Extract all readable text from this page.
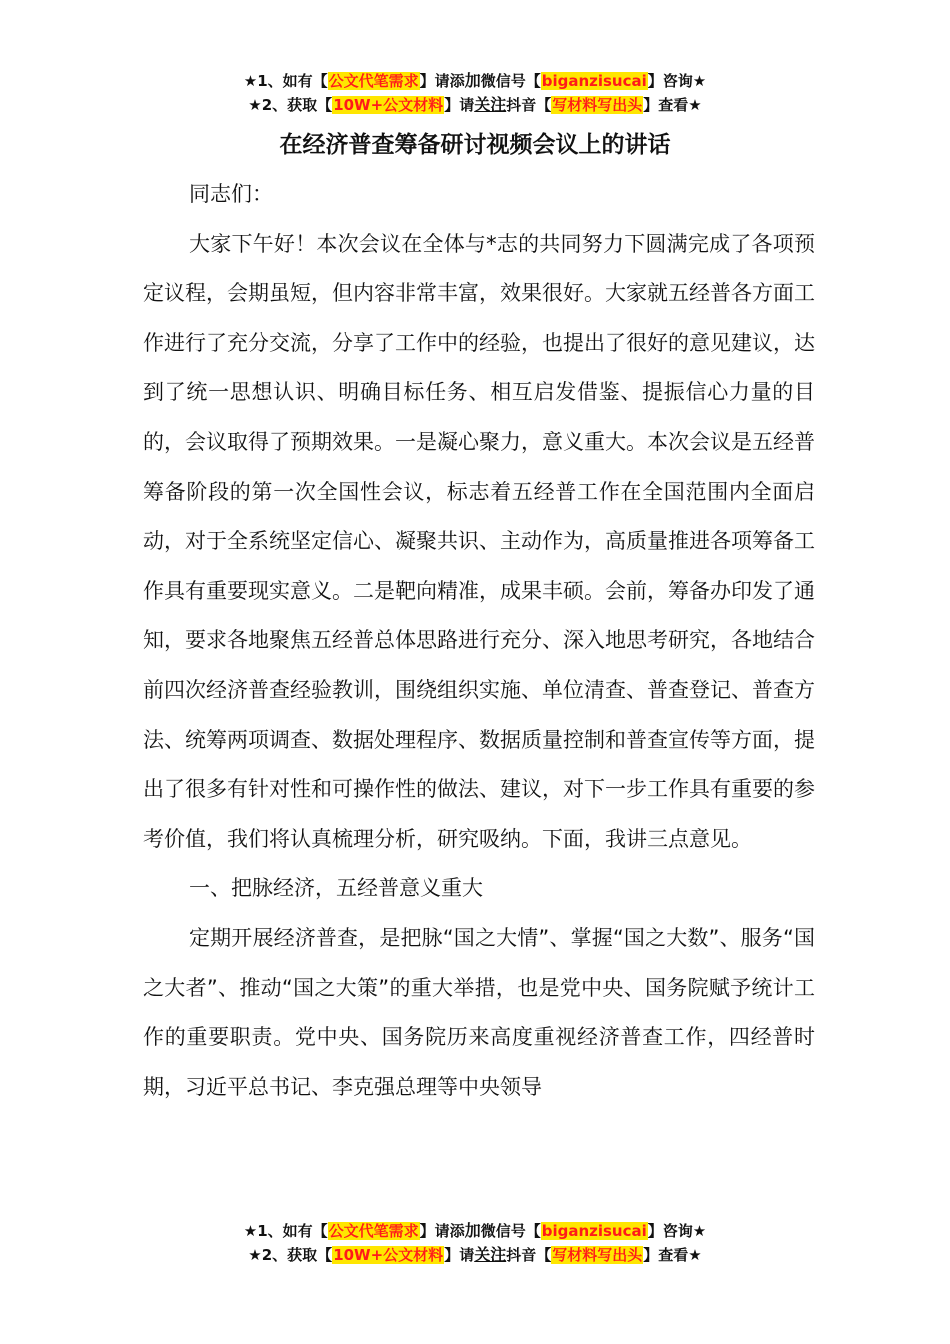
★1、如有【公文代笔需求】请添加微信号【biganzisucai】咨询★
★2、获取【10W+公文材料】请关注抖音【写材料写出头】查看★
在经济普查筹备研讨视频会议上的讲话

同志们：

大家下午好！本次会议在全体与*志的共同努力下圆满完成了各项预定议程，会期虽短，但内容非常丰富，效果很好。大家就五经普各方面工作进行了充分交流，分享了工作中的经验，也提出了很好的意见建议，达到了统一思想认识、明确目标任务、相互启发借鉴、提振信心力量的目的，会议取得了预期效果。一是凝心聚力，意义重大。本次会议是五经普筹备阶段的第一次全国性会议，标志着五经普工作在全国范围内全面启动，对于全系统坚定信心、凝聚共识、主动作为，高质量推进各项筹备工作具有重要现实意义。二是靶向精准，成果丰硕。会前，筹备办印发了通知，要求各地聚焦五经普总体思路进行充分、深入地思考研究，各地结合前四次经济普查经验教训，围绕组织实施、单位清查、普查登记、普查方法、统筹两项调查、数据处理程序、数据质量控制和普查宣传等方面，提出了很多有针对性和可操作性的做法、建议，对下一步工作具有重要的参考价值，我们将认真梳理分析，研究吸纳。下面，我讲三点意见。

一、把脉经济，五经普意义重大

定期开展经济普查，是把脉“国之大情”、掌握“国之大数”、服务“国之大者”、推动“国之大策”的重大举措，也是党中央、国务院赋予统计工作的重要职责。党中央、国务院历来高度重视经济普查工作，四经普时期，习近平总书记、李克强总理等中央领导

★1、如有【公文代笔需求】请添加微信号【biganzisucai】咨询★
★2、获取【10W+公文材料】请关注抖音【写材料写出头】查看★
